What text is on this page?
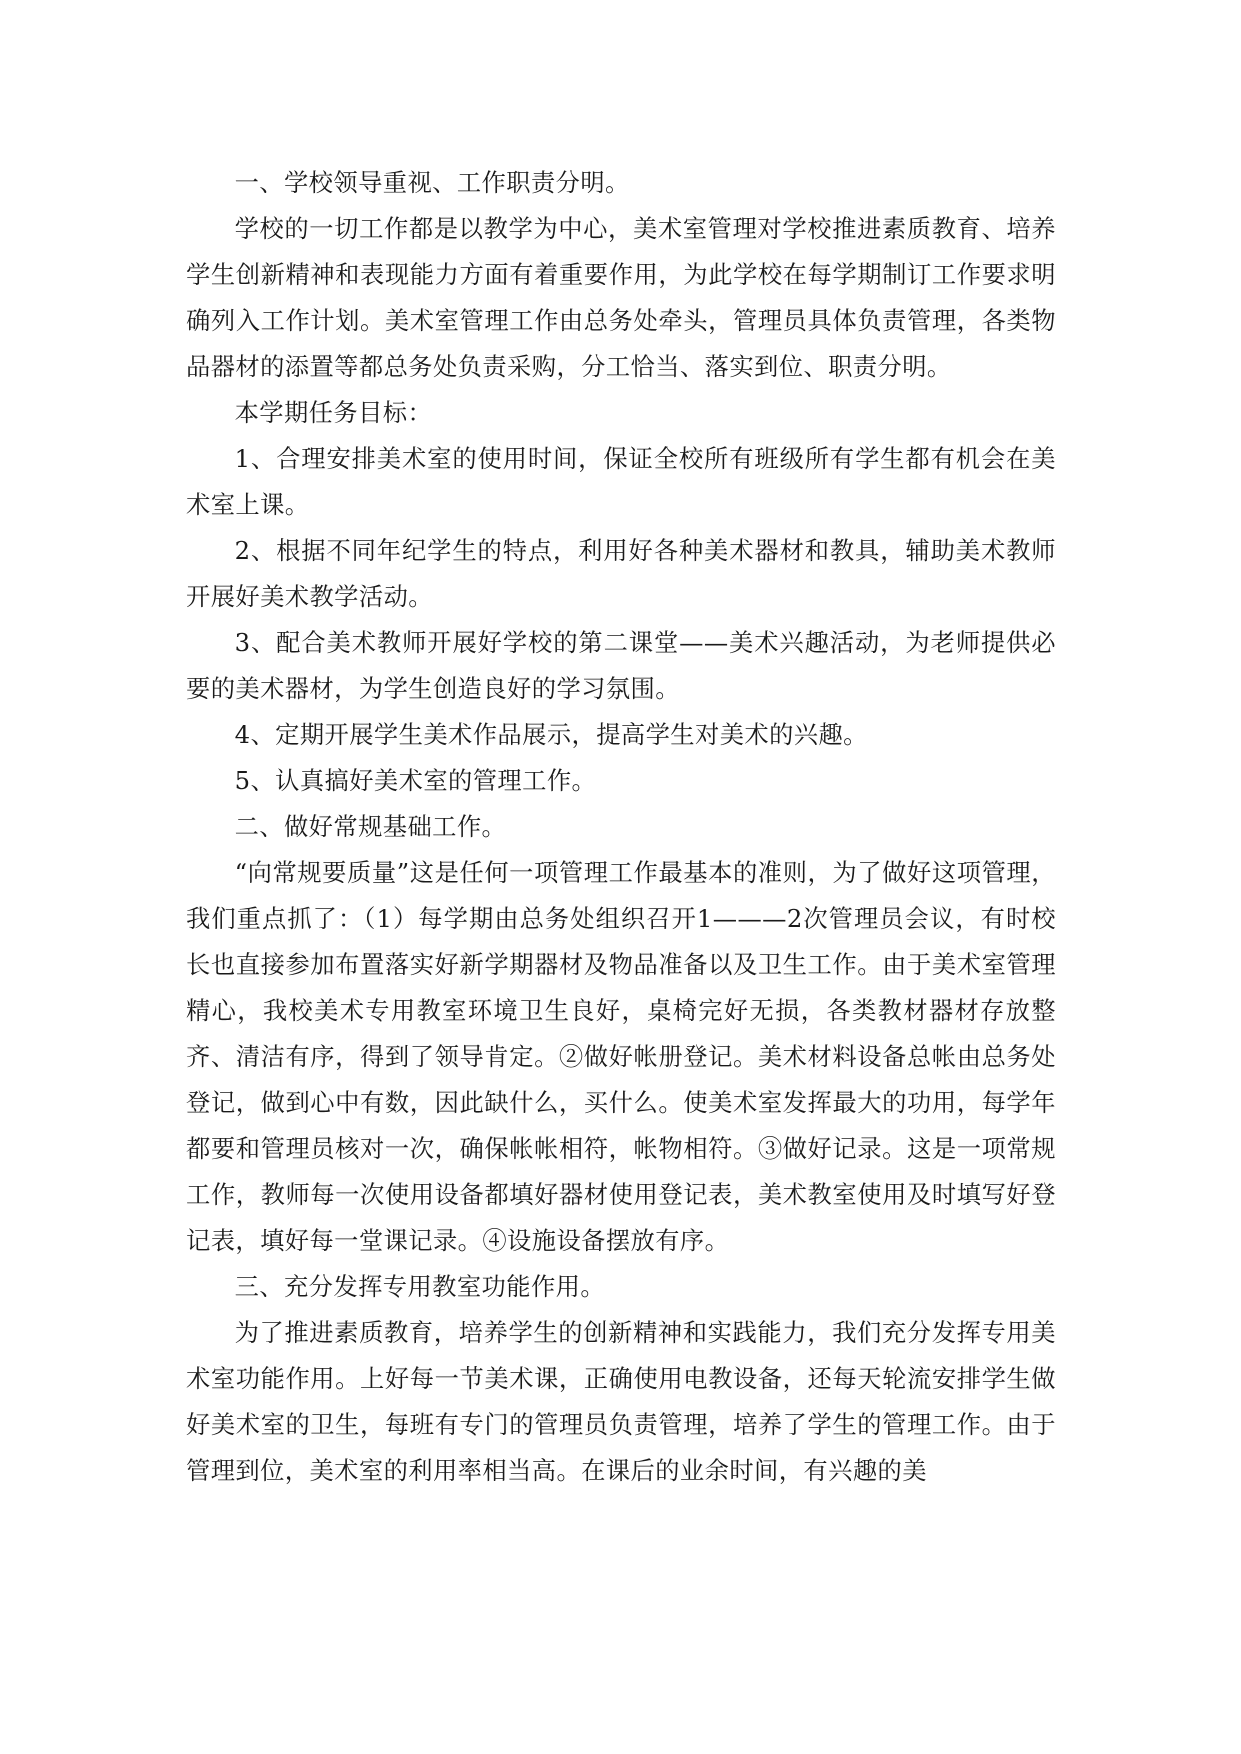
一、学校领导重视、工作职责分明。

学校的一切工作都是以教学为中心，美术室管理对学校推进素质教育、培养学生创新精神和表现能力方面有着重要作用，为此学校在每学期制订工作要求明确列入工作计划。美术室管理工作由总务处牵头，管理员具体负责管理，各类物品器材的添置等都总务处负责采购，分工恰当、落实到位、职责分明。

本学期任务目标：

1、合理安排美术室的使用时间，保证全校所有班级所有学生都有机会在美术室上课。

2、根据不同年纪学生的特点，利用好各种美术器材和教具，辅助美术教师开展好美术教学活动。

3、配合美术教师开展好学校的第二课堂——美术兴趣活动，为老师提供必要的美术器材，为学生创造良好的学习氛围。

4、定期开展学生美术作品展示，提高学生对美术的兴趣。

5、认真搞好美术室的管理工作。

二、做好常规基础工作。

“向常规要质量”这是任何一项管理工作最基本的准则，为了做好这项管理，我们重点抓了：（1）每学期由总务处组织召开1———2次管理员会议，有时校长也直接参加布置落实好新学期器材及物品准备以及卫生工作。由于美术室管理精心，我校美术专用教室环境卫生良好，桌椅完好无损，各类教材器材存放整齐、清洁有序，得到了领导肯定。②做好帐册登记。美术材料设备总帐由总务处登记，做到心中有数，因此缺什么，买什么。使美术室发挥最大的功用，每学年都要和管理员核对一次，确保帐帐相符，帐物相符。③做好记录。这是一项常规工作，教师每一次使用设备都填好器材使用登记表，美术教室使用及时填写好登记表，填好每一堂课记录。④设施设备摆放有序。

三、充分发挥专用教室功能作用。

为了推进素质教育，培养学生的创新精神和实践能力，我们充分发挥专用美术室功能作用。上好每一节美术课，正确使用电教设备，还每天轮流安排学生做好美术室的卫生，每班有专门的管理员负责管理，培养了学生的管理工作。由于管理到位，美术室的利用率相当高。在课后的业余时间，有兴趣的美
